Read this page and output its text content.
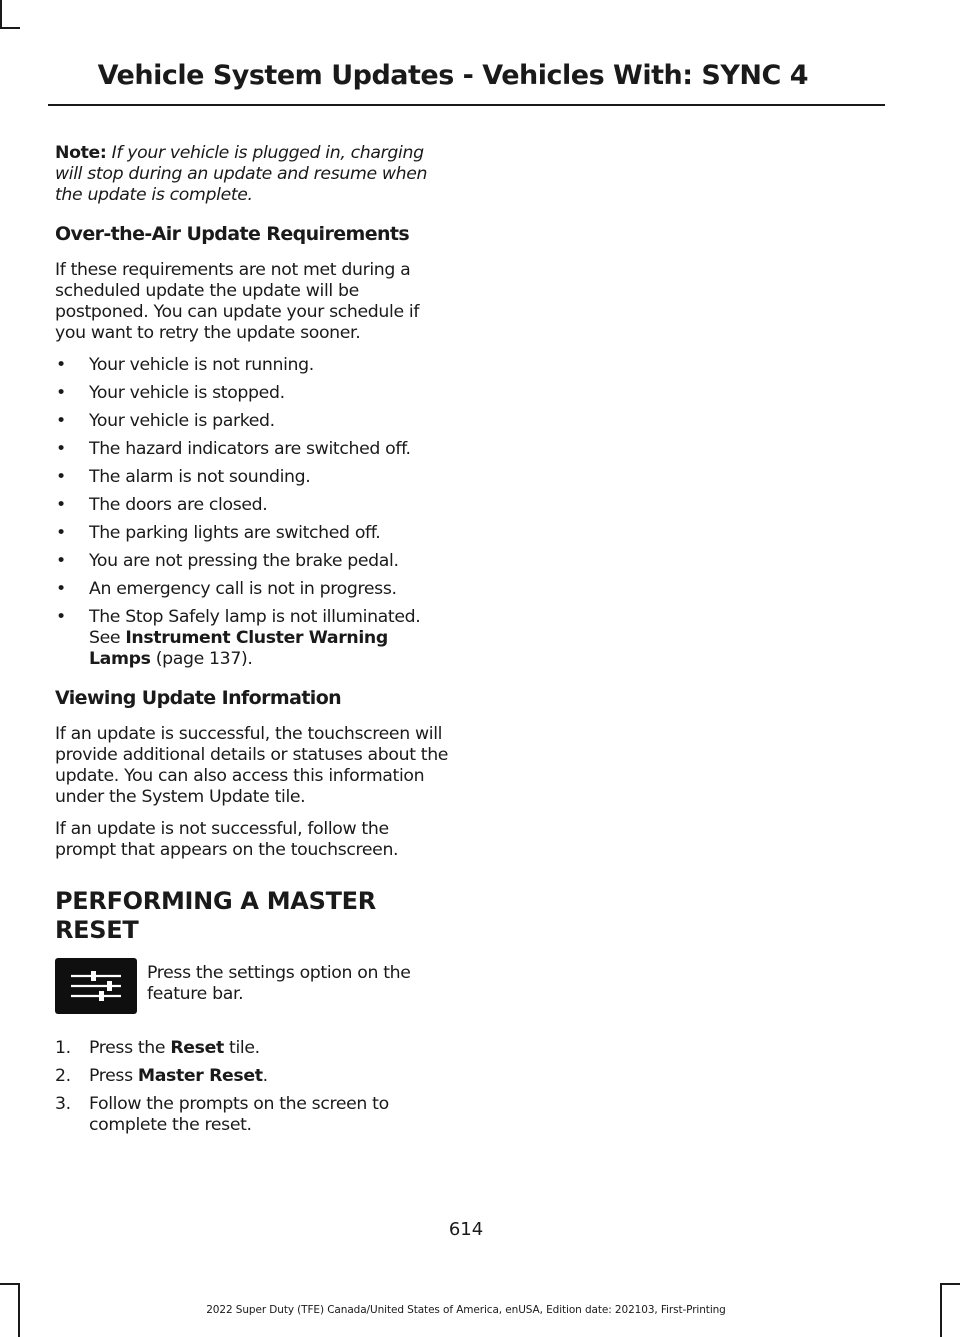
Vehicle System Updates - Vehicles With: SYNC 4

Note: If your vehicle is plugged in, charging will stop during an update and resume when the update is complete.

Over-the-Air Update Requirements

If these requirements are not met during a scheduled update the update will be postponed. You can update your schedule if you want to retry the update sooner.

• Your vehicle is not running.
• Your vehicle is stopped.
• Your vehicle is parked.
• The hazard indicators are switched off.
• The alarm is not sounding.
• The doors are closed.
• The parking lights are switched off.
• You are not pressing the brake pedal.
• An emergency call is not in progress.
• The Stop Safely lamp is not illuminated. See Instrument Cluster Warning Lamps (page 137).
Viewing Update Information

If an update is successful, the touchscreen will provide additional details or statuses about the update. You can also access this information under the System Update tile.

If an update is not successful, follow the prompt that appears on the touchscreen.

PERFORMING A MASTER RESET
Press the settings option on the feature bar.
1. Press the Reset tile.
2. Press Master Reset.
3. Follow the prompts on the screen to complete the reset.
614
2022 Super Duty (TFE) Canada/United States of America, enUSA, Edition date: 202103, First-Printing
